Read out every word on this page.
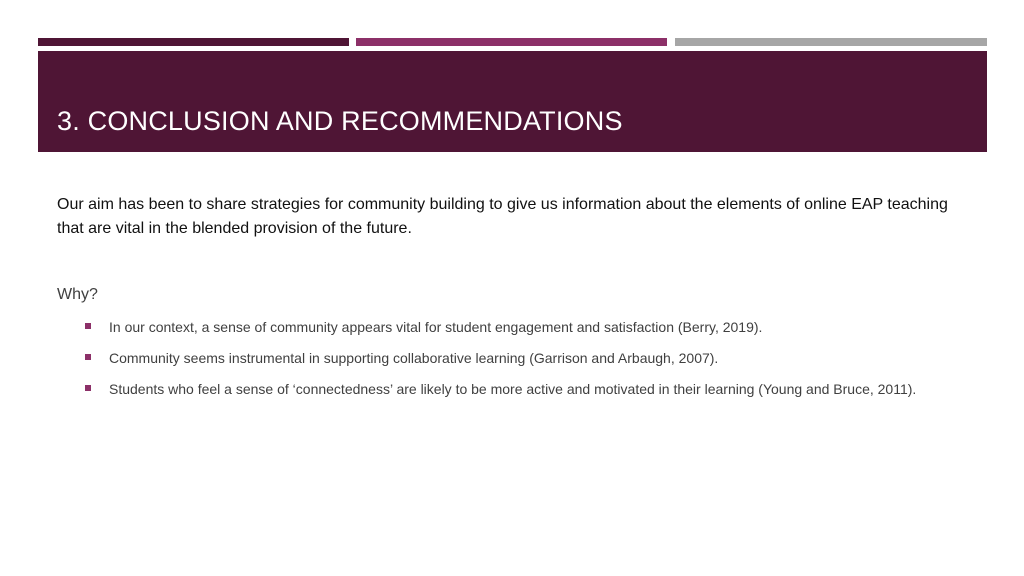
3. CONCLUSION AND RECOMMENDATIONS

Our aim has been to share strategies for community building to give us information about the elements of online EAP teaching that are vital in the blended provision of the future.

Why?

In our context, a sense of community appears vital for student engagement and satisfaction (Berry, 2019).
Community seems instrumental in supporting collaborative learning (Garrison and Arbaugh, 2007).
Students who feel a sense of ‘connectedness’ are likely to be more active and motivated in their learning (Young and Bruce, 2011).
